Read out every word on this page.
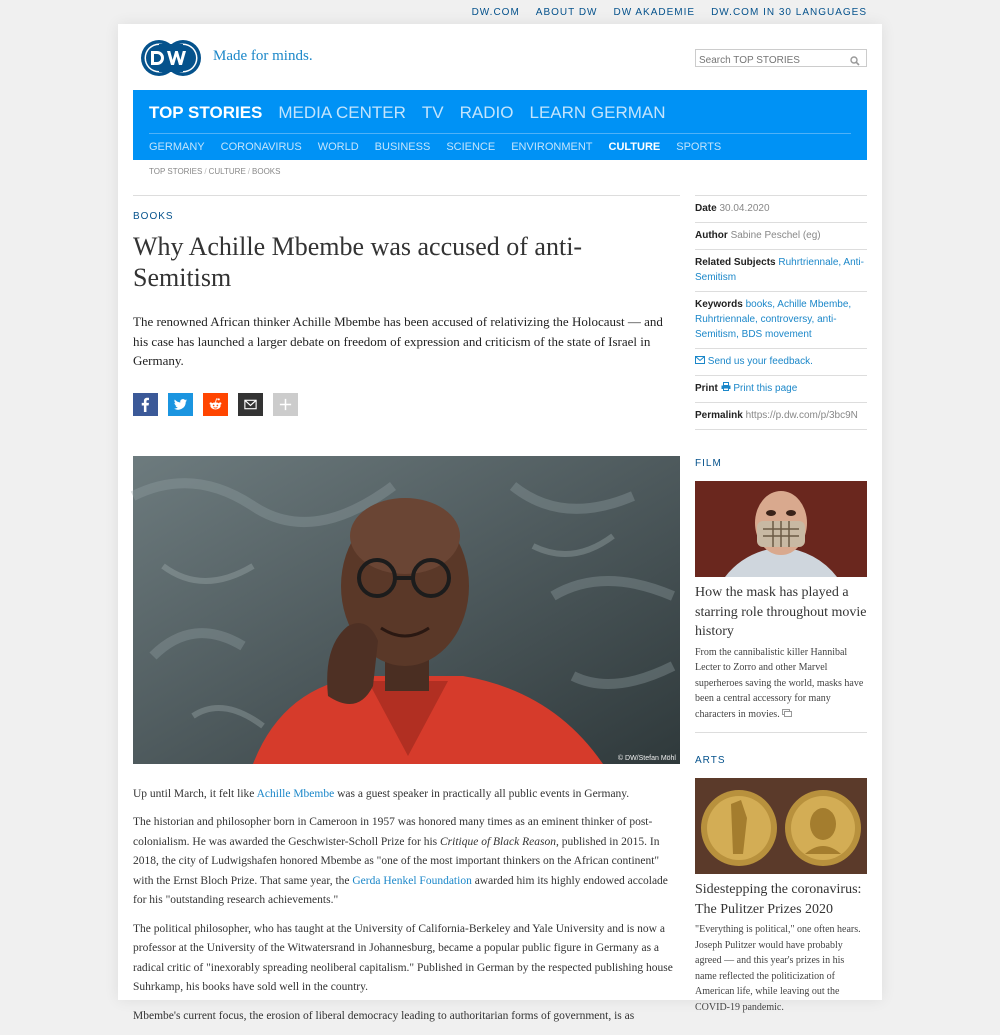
DW.COM ABOUT DW DW AKADEMIE DW.COM IN 30 LANGUAGES
Made for minds.
Search TOP STORIES
TOP STORIES MEDIA CENTER TV RADIO LEARN GERMAN
GERMANY CORONAVIRUS WORLD BUSINESS SCIENCE ENVIRONMENT CULTURE SPORTS
TOP STORIES / CULTURE / BOOKS
BOOKS
Why Achille Mbembe was accused of anti-Semitism

The renowned African thinker Achille Mbembe has been accused of relativizing the Holocaust — and his case has launched a larger debate on freedom of expression and criticism of the state of Israel in Germany.

© DW/Stefan Möhl

Up until March, it felt like Achille Mbembe was a guest speaker in practically all public events in Germany.

The historian and philosopher born in Cameroon in 1957 was honored many times as an eminent thinker of post-colonialism. He was awarded the Geschwister-Scholl Prize for his Critique of Black Reason, published in 2015. In 2018, the city of Ludwigshafen honored Mbembe as "one of the most important thinkers on the African continent" with the Ernst Bloch Prize. That same year, the Gerda Henkel Foundation awarded him its highly endowed accolade for his "outstanding research achievements."

The political philosopher, who has taught at the University of California-Berkeley and Yale University and is now a professor at the University of the Witwatersrand in Johannesburg, became a popular public figure in Germany as a radical critic of "inexorably spreading neoliberal capitalism." Published in German by the respected publishing house Suhrkamp, his books have sold well in the country.

Mbembe's current focus, the erosion of liberal democracy leading to authoritarian forms of government, is as

Date 30.04.2020
Author Sabine Peschel (eg)
Related Subjects Ruhrtriennale, Anti-Semitism
Keywords books, Achille Mbembe, Ruhrtriennale, controversy, anti-Semitism, BDS movement
Send us your feedback.
Print Print this page
Permalink https://p.dw.com/p/3bc9N
FILM
How the mask has played a starring role throughout movie history
From the cannibalistic killer Hannibal Lecter to Zorro and other Marvel superheroes saving the world, masks have been a central accessory for many characters in movies.
ARTS
Sidestepping the coronavirus: The Pulitzer Prizes 2020
"Everything is political," one often hears. Joseph Pulitzer would have probably agreed — and this year's prizes in his name reflected the politicization of American life, while leaving out the COVID-19 pandemic.
